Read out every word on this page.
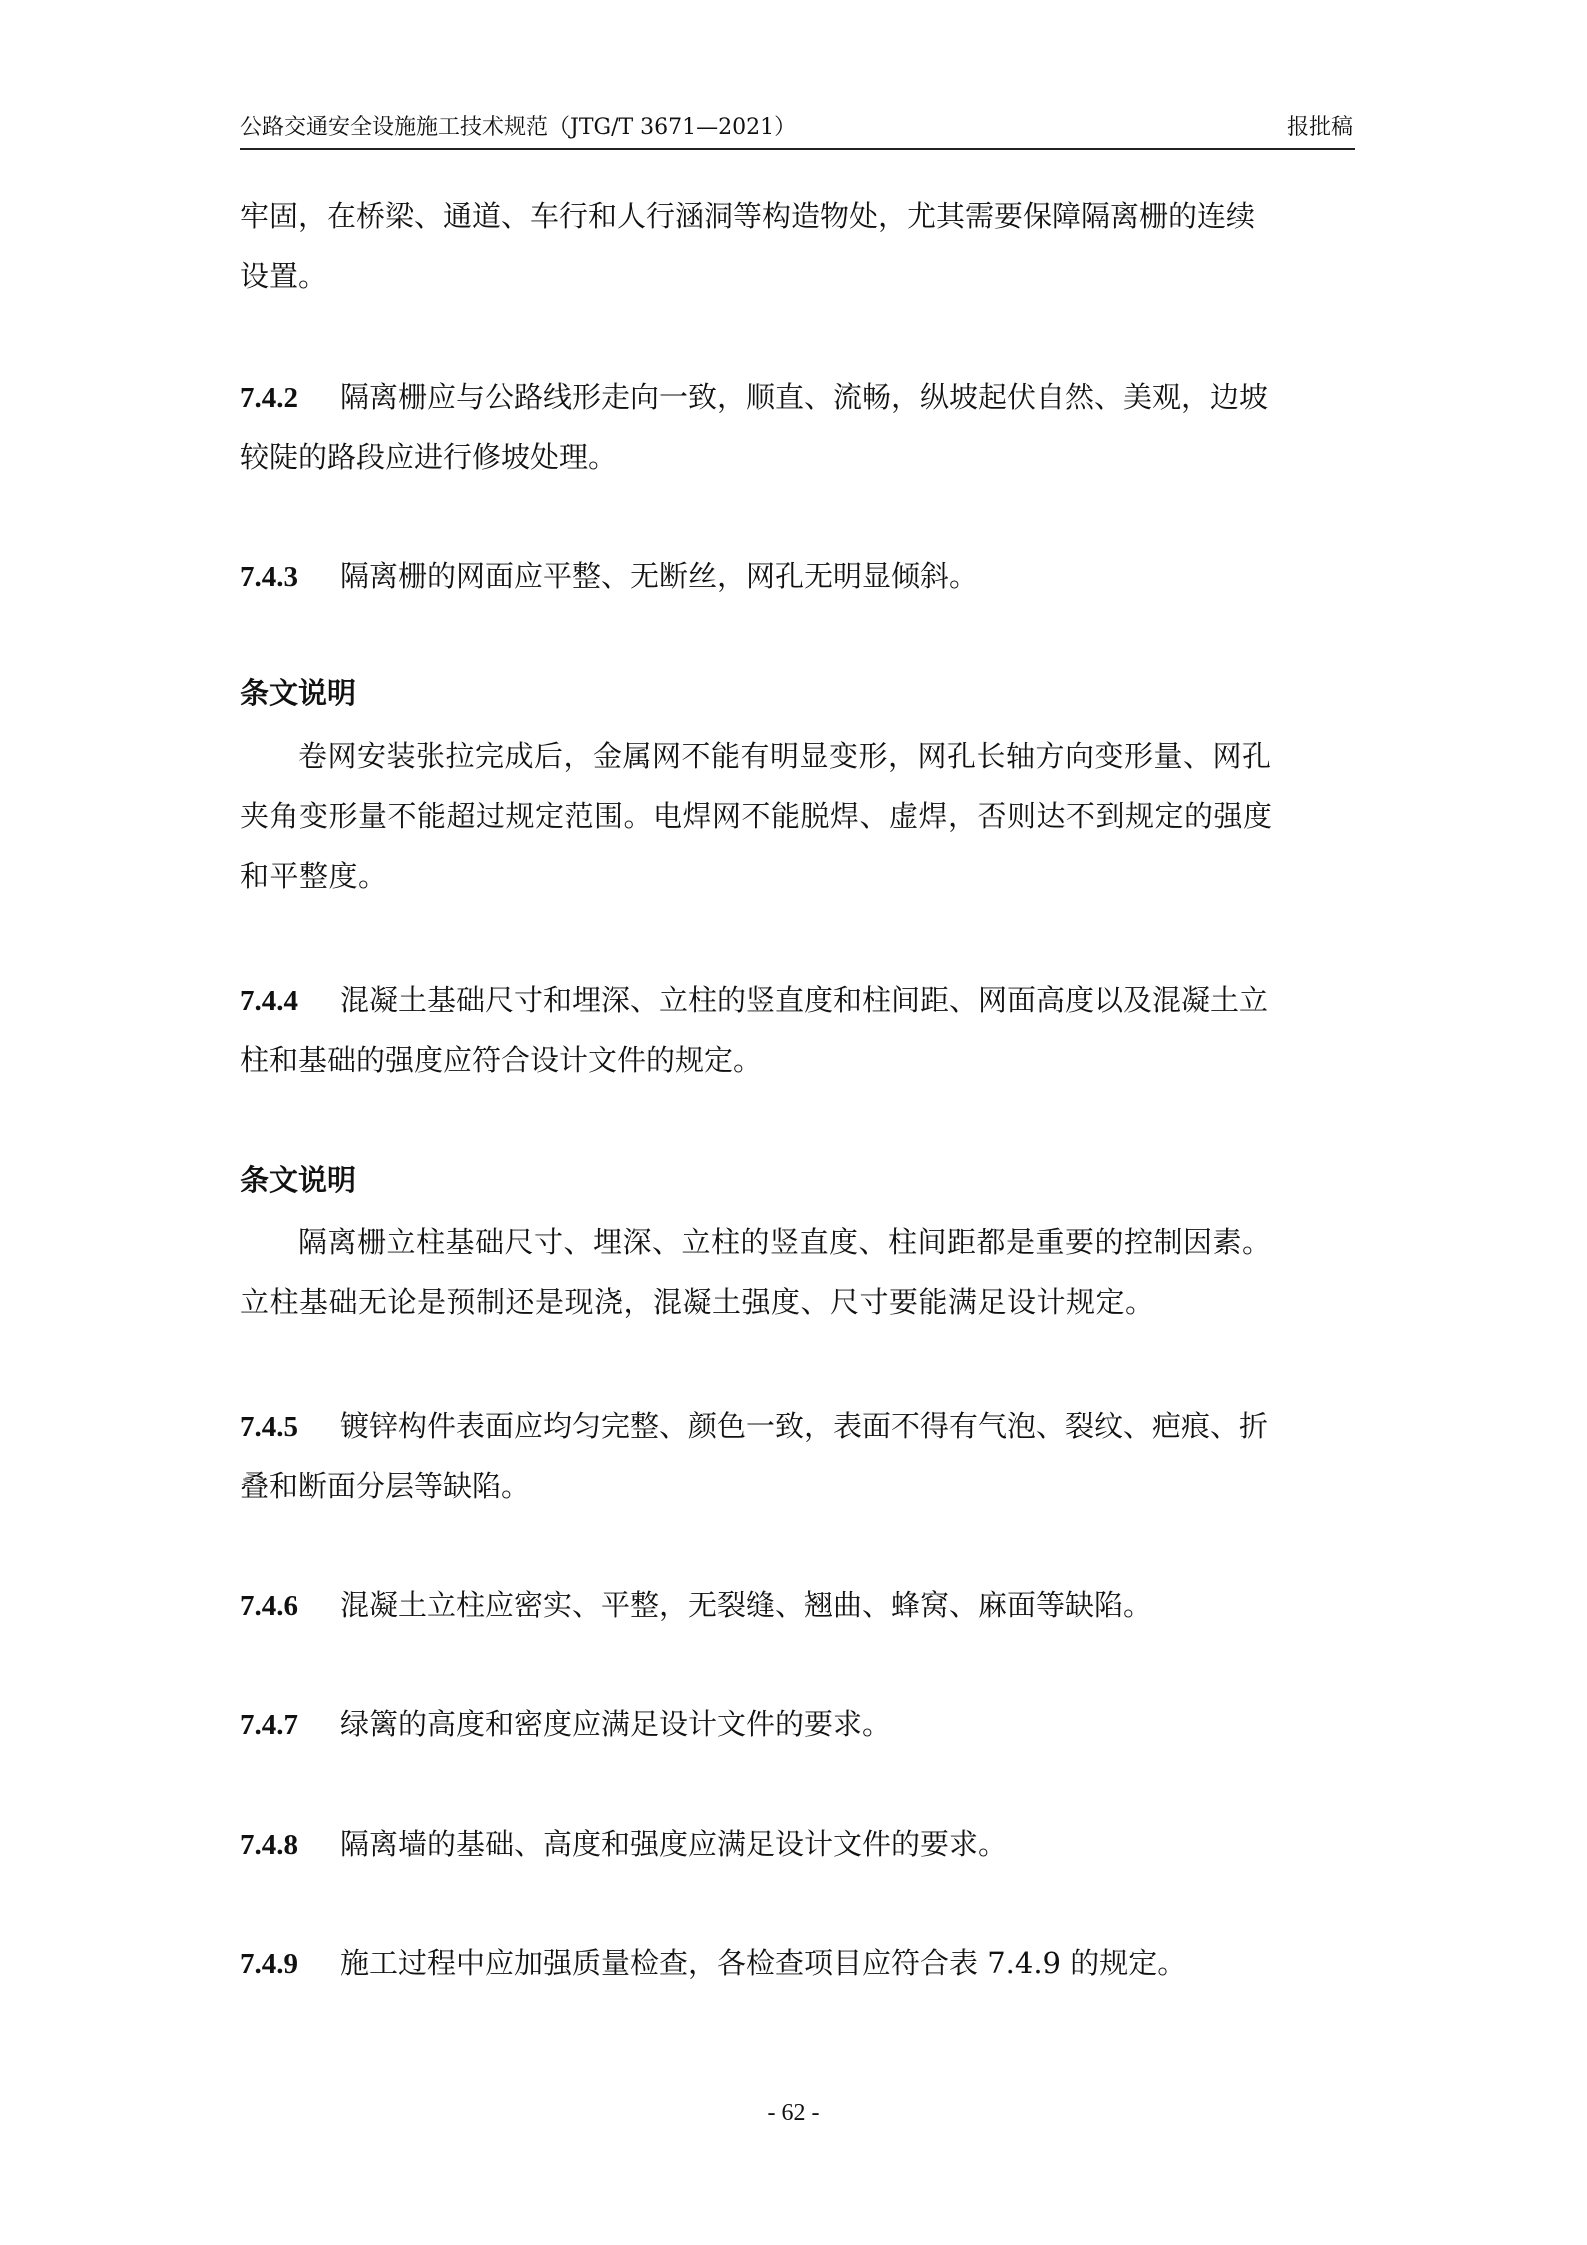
公路交通安全设施施工技术规范（JTG/T 3671—2021）	报批稿
牢固，在桥梁、通道、车行和人行涵洞等构造物处，尤其需要保障隔离栅的连续
设置。
7.4.2 隔离栅应与公路线形走向一致，顺直、流畅，纵坡起伏自然、美观，边坡
较陡的路段应进行修坡处理。
7.4.3 隔离栅的网面应平整、无断丝，网孔无明显倾斜。
条文说明
卷网安装张拉完成后，金属网不能有明显变形，网孔长轴方向变形量、网孔
夹角变形量不能超过规定范围。电焊网不能脱焊、虚焊，否则达不到规定的强度
和平整度。
7.4.4 混凝土基础尺寸和埋深、立柱的竖直度和柱间距、网面高度以及混凝土立
柱和基础的强度应符合设计文件的规定。
条文说明
隔离栅立柱基础尺寸、埋深、立柱的竖直度、柱间距都是重要的控制因素。
立柱基础无论是预制还是现浇，混凝土强度、尺寸要能满足设计规定。
7.4.5 镀锌构件表面应均匀完整、颜色一致，表面不得有气泡、裂纹、疤痕、折
叠和断面分层等缺陷。
7.4.6 混凝土立柱应密实、平整，无裂缝、翘曲、蜂窝、麻面等缺陷。
7.4.7 绿篱的高度和密度应满足设计文件的要求。
7.4.8 隔离墙的基础、高度和强度应满足设计文件的要求。
7.4.9 施工过程中应加强质量检查，各检查项目应符合表 7.4.9 的规定。
- 62 -
